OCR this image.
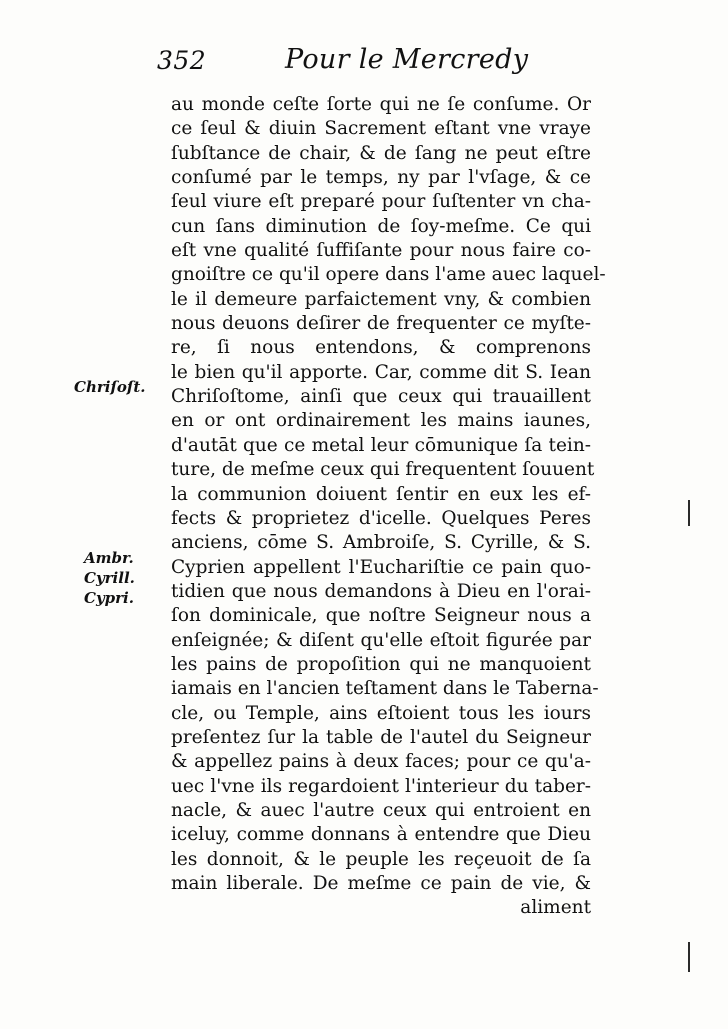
352	Pour le Mercredy
Chriſoſt.
Ambr.
Cyrill.
Cypri.
au monde ceſte ſorte qui ne ſe conſume. Or
ce ſeul & diuin Sacrement eſtant vne vraye
ſubſtance de chair, & de ſang ne peut eſtre
conſumé par le temps, ny par l'vſage, & ce
ſeul viure eſt preparé pour ſuſtenter vn cha-
cun ſans diminution de ſoy-meſme. Ce qui
eſt vne qualité ſuffiſante pour nous faire co-
gnoiſtre ce qu'il opere dans l'ame auec laquel-
le il demeure parfaictement vny, & combien
nous deuons deſirer de frequenter ce myſte-
re, ſi nous entendons, & comprenons
le bien qu'il apporte. Car, comme dit S. Iean
Chriſoſtome, ainſi que ceux qui trauaillent
en or ont ordinairement les mains iaunes,
d'autāt que ce metal leur cōmunique ſa tein-
ture, de meſme ceux qui frequentent ſouuent
la communion doiuent ſentir en eux les ef-
fects & proprietez d'icelle. Quelques Peres
anciens, cōme S. Ambroiſe, S. Cyrille, & S.
Cyprien appellent l'Euchariſtie ce pain quo-
tidien que nous demandons à Dieu en l'orai-
ſon dominicale, que noſtre Seigneur nous a
enſeignée; & diſent qu'elle eſtoit figurée par
les pains de propoſition qui ne manquoient
iamais en l'ancien teſtament dans le Taberna-
cle, ou Temple, ains eſtoient tous les iours
preſentez ſur la table de l'autel du Seigneur
& appellez pains à deux faces; pour ce qu'a-
uec l'vne ils regardoient l'interieur du taber-
nacle, & auec l'autre ceux qui entroient en
iceluy, comme donnans à entendre que Dieu
les donnoit, & le peuple les reçeuoit de ſa
main liberale. De meſme ce pain de vie, &
aliment
